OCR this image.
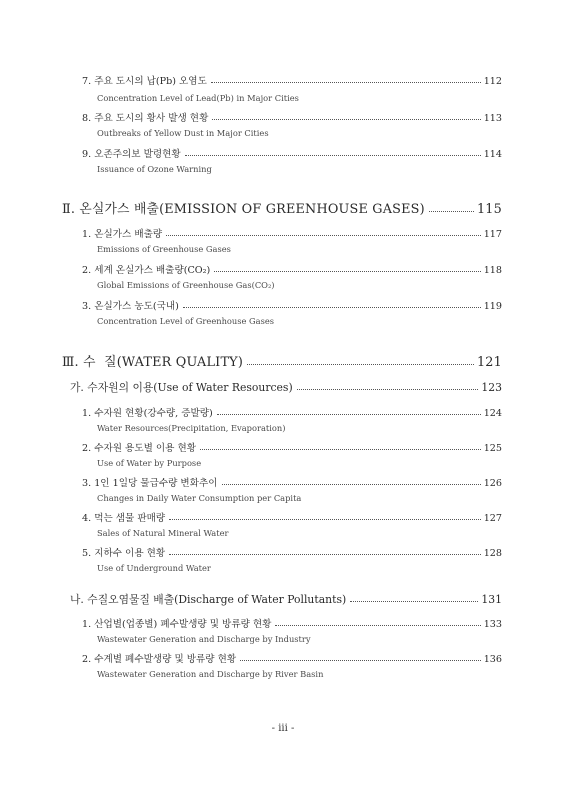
7. 주요 도시의 납(Pb) 오염도	112
Concentration Level of Lead(Pb) in Major Cities
8. 주요 도시의 황사 발생 현황	113
Outbreaks of Yellow Dust in Major Cities
9. 오존주의보 발령현황	114
Issuance of Ozone Warning
Ⅱ. 온실가스 배출(EMISSION OF GREENHOUSE GASES)	115
1. 온실가스 배출량	117
Emissions of Greenhouse Gases
2. 세계 온실가스 배출량(CO₂)	118
Global Emissions of Greenhouse Gas(CO₂)
3. 온실가스 농도(국내)	119
Concentration Level of Greenhouse Gases
Ⅲ. 수  질(WATER QUALITY)	121
가. 수자원의 이용(Use of Water Resources)	123
1. 수자원 현황(강수량, 증발량)	124
Water Resources(Precipitation, Evaporation)
2. 수자원 용도별 이용 현황	125
Use of Water by Purpose
3. 1인 1일당 물급수량 변화추이	126
Changes in Daily Water Consumption per Capita
4. 먹는 샘물 판매량	127
Sales of Natural Mineral Water
5. 지하수 이용 현황	128
Use of Underground Water
나. 수질오염물질 배출(Discharge of Water Pollutants)	131
1. 산업별(업종별) 폐수발생량 및 방류량 현황	133
Wastewater Generation and Discharge by Industry
2. 수계별 폐수발생량 및 방류량 현황	136
Wastewater Generation and Discharge by River Basin
- iii -
